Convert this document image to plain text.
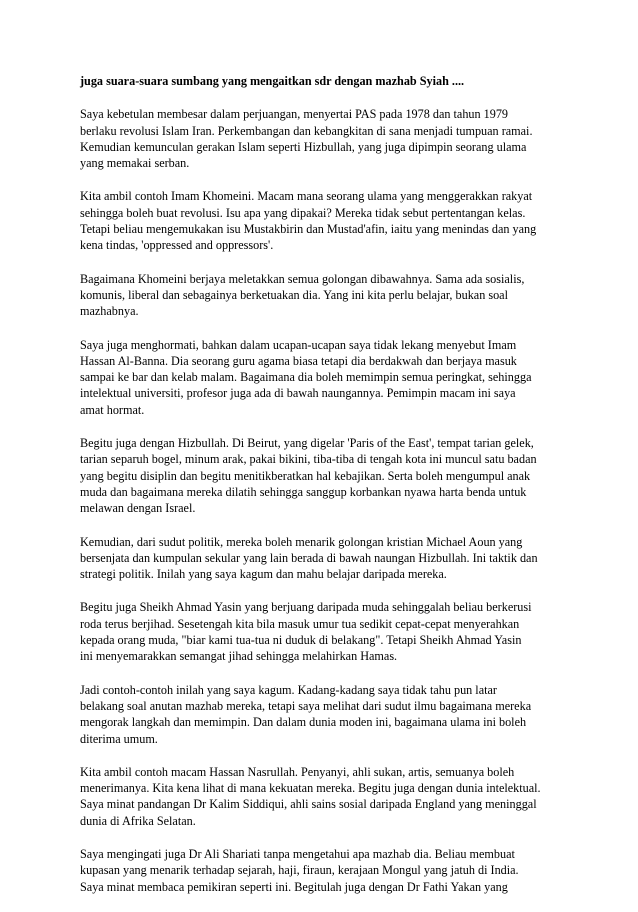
juga suara-suara sumbang yang mengaitkan sdr dengan mazhab Syiah ....
Saya kebetulan membesar dalam perjuangan, menyertai PAS pada 1978 dan tahun 1979
berlaku revolusi Islam Iran. Perkembangan dan kebangkitan di sana menjadi tumpuan ramai.
Kemudian kemunculan gerakan Islam seperti Hizbullah, yang juga dipimpin seorang ulama
yang memakai serban.
Kita ambil contoh Imam Khomeini. Macam mana seorang ulama yang menggerakkan rakyat
sehingga boleh buat revolusi. Isu apa yang dipakai? Mereka tidak sebut pertentangan kelas.
Tetapi beliau mengemukakan isu Mustakbirin dan Mustad'afin, iaitu yang menindas dan yang
kena tindas, 'oppressed and oppressors'.
Bagaimana Khomeini berjaya meletakkan semua golongan dibawahnya. Sama ada sosialis,
komunis, liberal dan sebagainya berketuakan dia. Yang ini kita perlu belajar, bukan soal
mazhabnya.
Saya juga menghormati, bahkan dalam ucapan-ucapan saya tidak lekang menyebut Imam
Hassan Al-Banna. Dia seorang guru agama biasa tetapi dia berdakwah dan berjaya masuk
sampai ke bar dan kelab malam. Bagaimana dia boleh memimpin semua peringkat, sehingga
intelektual universiti, profesor juga ada di bawah naungannya. Pemimpin macam ini saya
amat hormat.
Begitu juga dengan Hizbullah. Di Beirut, yang digelar 'Paris of the East', tempat tarian gelek,
tarian separuh bogel, minum arak, pakai bikini, tiba-tiba di tengah kota ini muncul satu badan
yang begitu disiplin dan begitu menitikberatkan hal kebajikan. Serta boleh mengumpul anak
muda dan bagaimana mereka dilatih sehingga sanggup korbankan nyawa harta benda untuk
melawan dengan Israel.
Kemudian, dari sudut politik, mereka boleh menarik golongan kristian Michael Aoun yang
bersenjata dan kumpulan sekular yang lain berada di bawah naungan Hizbullah. Ini taktik dan
strategi politik. Inilah yang saya kagum dan mahu belajar daripada mereka.
Begitu juga Sheikh Ahmad Yasin yang berjuang daripada muda sehinggalah beliau berkerusi
roda terus berjihad. Sesetengah kita bila masuk umur tua sedikit cepat-cepat menyerahkan
kepada orang muda, "biar kami tua-tua ni duduk di belakang". Tetapi Sheikh Ahmad Yasin
ini menyemarakkan semangat jihad sehingga melahirkan Hamas.
Jadi contoh-contoh inilah yang saya kagum. Kadang-kadang saya tidak tahu pun latar
belakang soal anutan mazhab mereka, tetapi saya melihat dari sudut ilmu bagaimana mereka
mengorak langkah dan memimpin. Dan dalam dunia moden ini, bagaimana ulama ini boleh
diterima umum.
Kita ambil contoh macam Hassan Nasrullah. Penyanyi, ahli sukan, artis, semuanya boleh
menerimanya. Kita kena lihat di mana kekuatan mereka. Begitu juga dengan dunia intelektual.
Saya minat pandangan Dr Kalim Siddiqui, ahli sains sosial daripada England yang meninggal
dunia di Afrika Selatan.
Saya mengingati juga Dr Ali Shariati tanpa mengetahui apa mazhab dia. Beliau membuat
kupasan yang menarik terhadap sejarah, haji, firaun, kerajaan Mongul yang jatuh di India.
Saya minat membaca pemikiran seperti ini. Begitulah juga dengan Dr Fathi Yakan yang
